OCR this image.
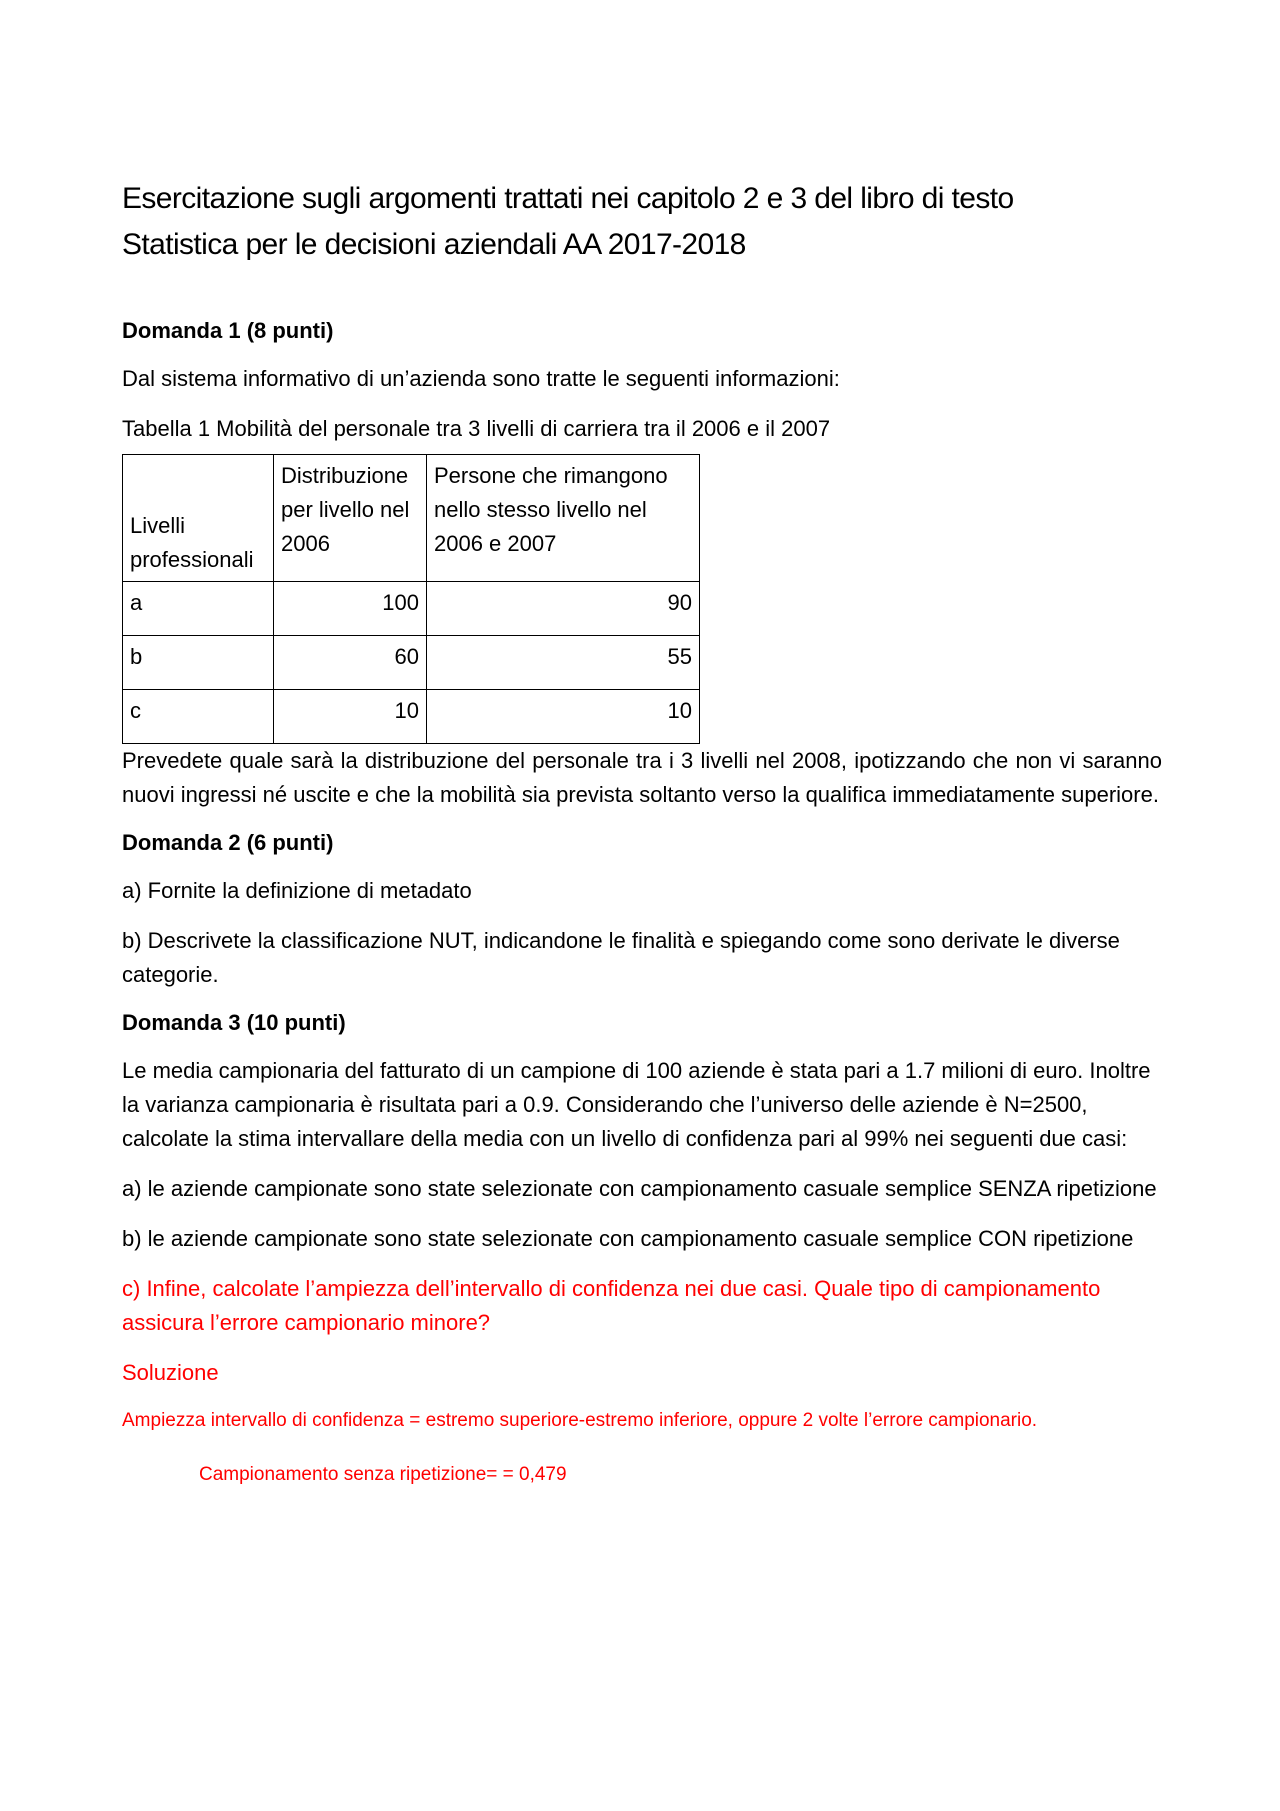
Esercitazione sugli argomenti trattati nei capitolo 2 e 3 del libro di testo
Statistica per le decisioni aziendali AA 2017-2018

Domanda 1 (8 punti)

Dal sistema informativo di un’azienda sono tratte le seguenti informazioni:

Tabella 1 Mobilità del personale tra 3 livelli di carriera tra il 2006 e il 2007

Livelli professionali	Distribuzione per livello nel 2006	Persone che rimangono nello stesso livello nel 2006 e 2007
a	100	90
b	60	55
c	10	10

Prevedete quale sarà la distribuzione del personale tra i 3 livelli nel 2008, ipotizzando che non vi saranno nuovi ingressi né uscite e che la mobilità sia prevista soltanto verso la qualifica immediatamente superiore.

Domanda 2 (6 punti)

a) Fornite la definizione di metadato

b) Descrivete la classificazione NUT, indicandone le finalità e spiegando come sono derivate le diverse categorie.

Domanda 3 (10 punti)

Le media campionaria del fatturato di un campione di 100 aziende è stata pari a 1.7 milioni di euro. Inoltre la varianza campionaria è risultata pari a 0.9. Considerando che l’universo delle aziende è N=2500, calcolate la stima intervallare della media con un livello di confidenza pari al 99% nei seguenti due casi:

a) le aziende campionate sono state selezionate con campionamento casuale semplice SENZA ripetizione

b) le aziende campionate sono state selezionate con campionamento casuale semplice CON ripetizione

c) Infine, calcolate l’ampiezza dell’intervallo di confidenza nei due casi. Quale tipo di campionamento assicura l’errore campionario minore?

Soluzione

Ampiezza intervallo di confidenza = estremo superiore-estremo inferiore, oppure 2 volte l’errore campionario.

Campionamento senza ripetizione= = 0,479
